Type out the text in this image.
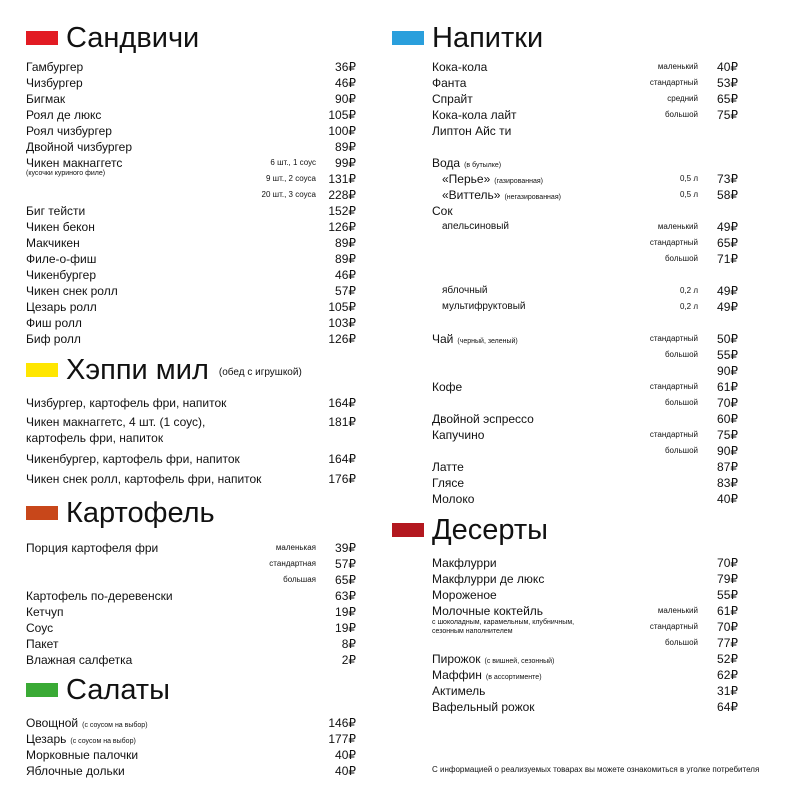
Сандвичи
Гамбургер	36₽
Чизбургер	46₽
Бигмак	90₽
Роял де люкс	105₽
Роял чизбургер	100₽
Двойной чизбургер	89₽
Чикен макнаггетс	6 шт., 1 соус 99₽
(кусочки куриного филе)
9 шт., 2 соуса 131₽
20 шт., 3 соуса 228₽
Биг тейсти	152₽
Чикен бекон	126₽
Макчикен	89₽
Филе-о-фиш	89₽
Чикенбургер	46₽
Чикен снек ролл	57₽
Цезарь ролл	105₽
Фиш ролл	103₽
Биф ролл	126₽
Хэппи мил (обед с игрушкой)
Чизбургер, картофель фри, напиток	164₽
Чикен макнаггетс, 4 шт. (1 соус),	181₽
картофель фри, напиток
Чикенбургер, картофель фри, напиток	164₽
Чикен снек ролл, картофель фри, напиток	176₽
Картофель
Порция картофеля фри	маленькая 39₽
стандартная 57₽
большая 65₽
Картофель по-деревенски	63₽
Кетчуп	19₽
Соус	19₽
Пакет	8₽
Влажная салфетка	2₽
Салаты
Овощной (с соусом на выбор)	146₽
Цезарь (с соусом на выбор)	177₽
Морковные палочки	40₽
Яблочные дольки	40₽
Напитки
Кока-кола	маленький 40₽
Фанта	стандартный 53₽
Спрайт	средний 65₽
Кока-кола лайт	большой 75₽
Липтон Айс ти
Вода (в бутылке)
«Перье» (газированная)	0,5 л 73₽
«Виттель» (негазированная)	0,5 л 58₽
Сок
апельсиновый	маленький 49₽
стандартный 65₽
большой 71₽
яблочный	0,2 л 49₽
мультифруктовый	0,2 л 49₽
Чай (черный, зеленый)	стандартный 50₽
большой 55₽
90₽
Кофе	стандартный 61₽
большой 70₽
Двойной эспрессо	60₽
Капучино	стандартный 75₽
большой 90₽
Латте	87₽
Глясе	83₽
Молоко	40₽
Десерты
Макфлурри	70₽
Макфлурри де люкс	79₽
Мороженое	55₽
Молочные коктейль	маленький 61₽
с шоколадным, карамельным, клубничным,
сезонным наполнителем
стандартный 70₽
большой 77₽
Пирожок (с вишней, сезонный)	52₽
Маффин (в ассортименте)	62₽
Актимель	31₽
Вафельный рожок	64₽
С информацией о реализуемых товарах вы можете ознакомиться в уголке потребителя
